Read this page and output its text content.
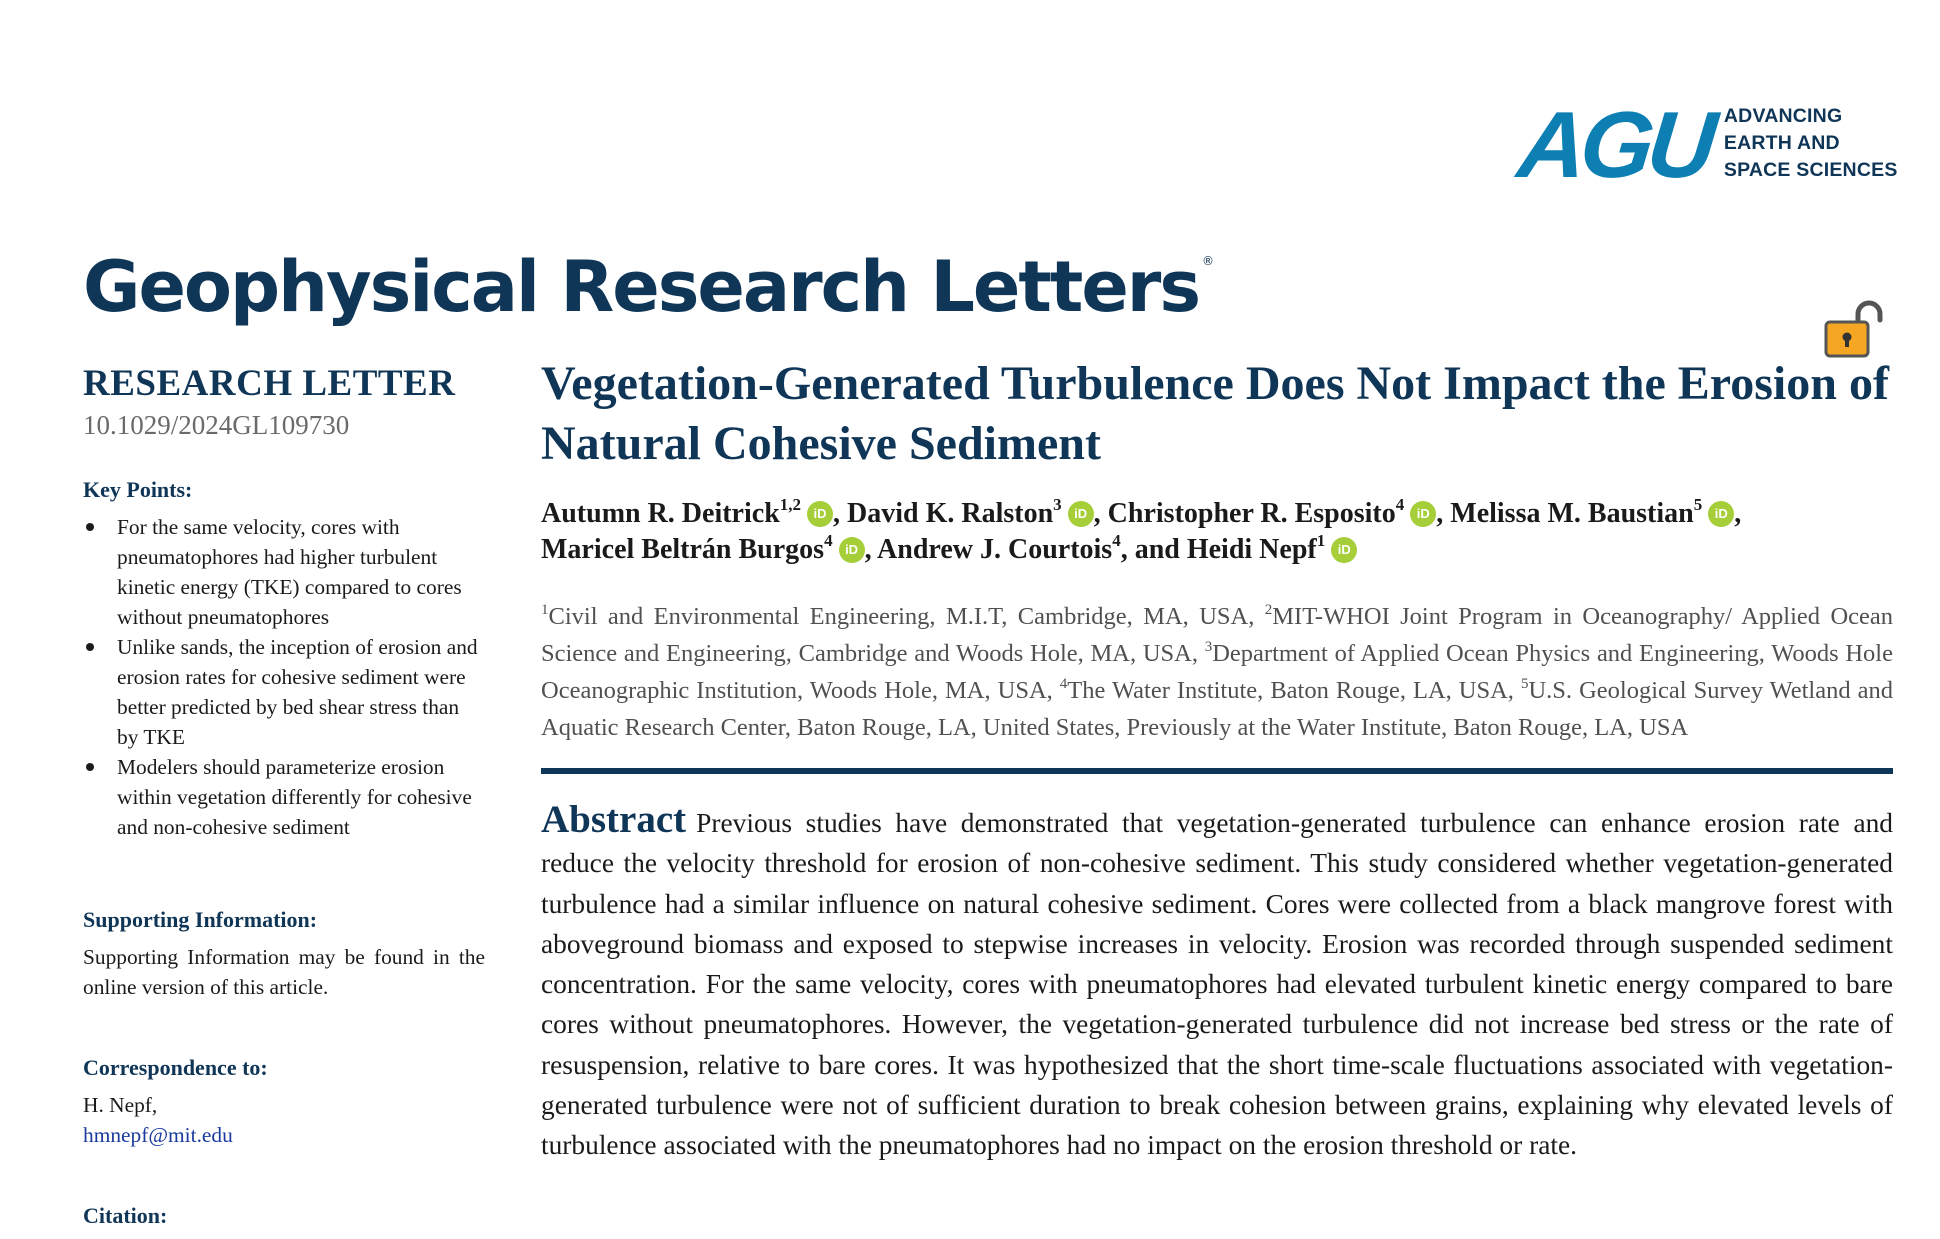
AGU ADVANCING
EARTH AND
SPACE SCIENCES
Geophysical Research Letters ®
RESEARCH LETTER
10.1029/2024GL109730
Key Points:
For the same velocity, cores with pneumatophores had higher turbulent kinetic energy (TKE) compared to cores without pneumatophores
Unlike sands, the inception of erosion and erosion rates for cohesive sediment were better predicted by bed shear stress than by TKE
Modelers should parameterize erosion within vegetation differently for cohesive and non-cohesive sediment
Supporting Information:
Supporting Information may be found in the online version of this article.
Correspondence to:
H. Nepf,
hmnepf@mit.edu
Citation:
Vegetation-Generated Turbulence Does Not Impact the Erosion of Natural Cohesive Sediment
Autumn R. Deitrick$^{1,2}$ iD , David K. Ralston$^3$ iD , Christopher R. Esposito$^4$ iD , Melissa M. Baustian$^5$ iD ,
Maricel Beltrán Burgos$^4$ iD , Andrew J. Courtois$^4$, and Heidi Nepf$^1$ iD
$^1$Civil and Environmental Engineering, M.I.T, Cambridge, MA, USA, $^2$MIT-WHOI Joint Program in Oceanography/ Applied Ocean Science and Engineering, Cambridge and Woods Hole, MA, USA, $^3$Department of Applied Ocean Physics and Engineering, Woods Hole Oceanographic Institution, Woods Hole, MA, USA, $^4$The Water Institute, Baton Rouge, LA, USA, $^5$U.S. Geological Survey Wetland and Aquatic Research Center, Baton Rouge, LA, United States, Previously at the Water Institute, Baton Rouge, LA, USA
Abstract Previous studies have demonstrated that vegetation-generated turbulence can enhance erosion rate and reduce the velocity threshold for erosion of non-cohesive sediment. This study considered whether vegetation-generated turbulence had a similar influence on natural cohesive sediment. Cores were collected from a black mangrove forest with aboveground biomass and exposed to stepwise increases in velocity. Erosion was recorded through suspended sediment concentration. For the same velocity, cores with pneumatophores had elevated turbulent kinetic energy compared to bare cores without pneumatophores. However, the vegetation-generated turbulence did not increase bed stress or the rate of resuspension, relative to bare cores. It was hypothesized that the short time-scale fluctuations associated with vegetation-generated turbulence were not of sufficient duration to break cohesion between grains, explaining why elevated levels of turbulence associated with the pneumatophores had no impact on the erosion threshold or rate.
